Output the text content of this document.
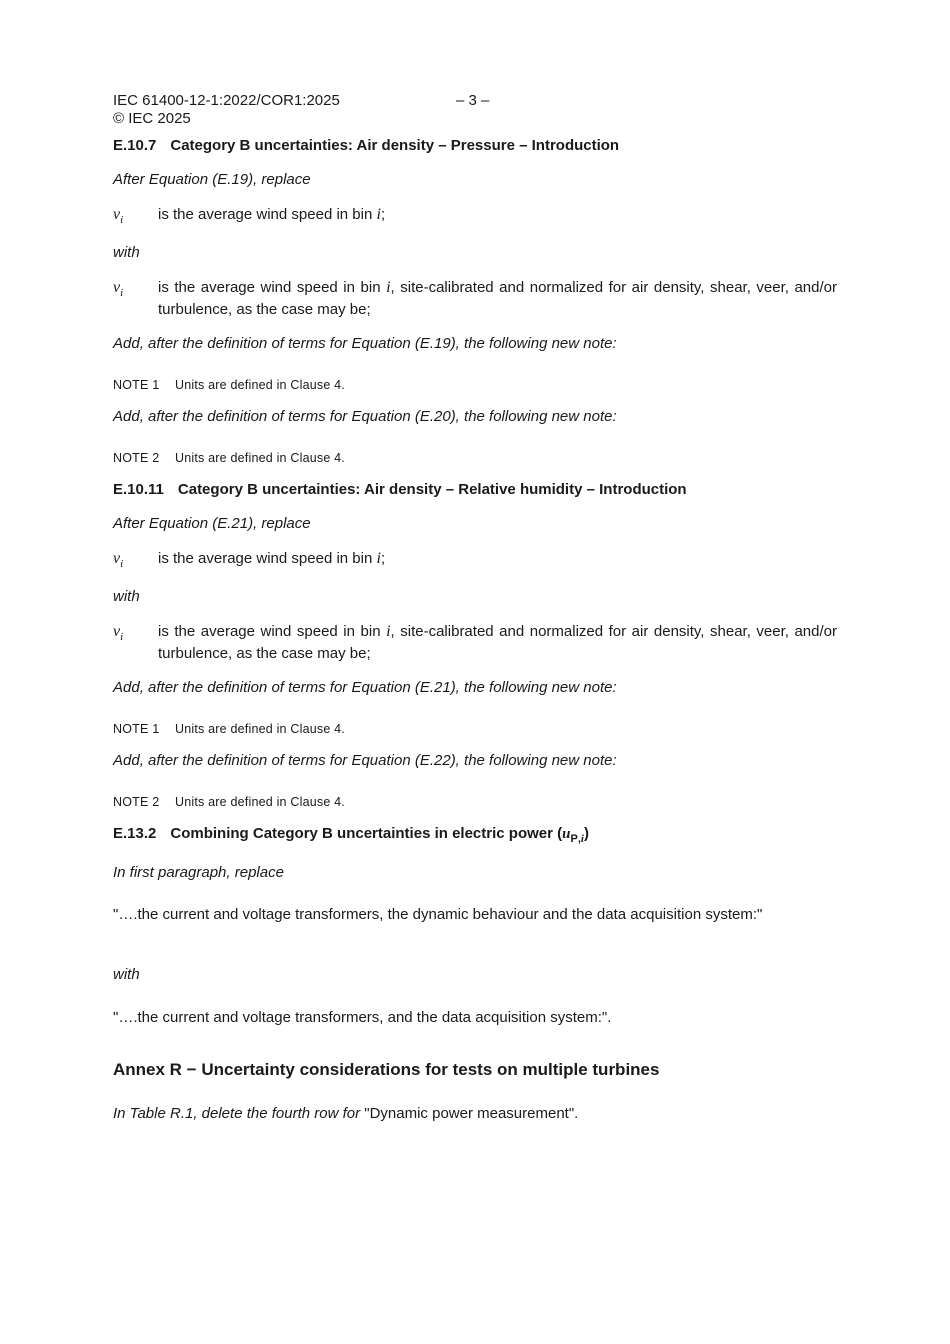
IEC 61400-12-1:2022/COR1:2025	– 3 –
© IEC 2025
E.10.7 Category B uncertainties: Air density – Pressure – Introduction
After Equation (E.19), replace
$v_i$	is the average wind speed in bin i;
with
$v_i$	is the average wind speed in bin i, site-calibrated and normalized for air density, shear, veer, and/or turbulence, as the case may be;
Add, after the definition of terms for Equation (E.19), the following new note:
NOTE 1 Units are defined in Clause 4.
Add, after the definition of terms for Equation (E.20), the following new note:
NOTE 2 Units are defined in Clause 4.
E.10.11 Category B uncertainties: Air density – Relative humidity – Introduction
After Equation (E.21), replace
$v_i$	is the average wind speed in bin i;
with
$v_i$	is the average wind speed in bin i, site-calibrated and normalized for air density, shear, veer, and/or turbulence, as the case may be;
Add, after the definition of terms for Equation (E.21), the following new note:
NOTE 1 Units are defined in Clause 4.
Add, after the definition of terms for Equation (E.22), the following new note:
NOTE 2 Units are defined in Clause 4.
E.13.2 Combining Category B uncertainties in electric power $(u_{P,i})$
In first paragraph, replace
"….the current and voltage transformers, the dynamic behaviour and the data acquisition system:"
with
"….the current and voltage transformers, and the data acquisition system:".
Annex R − Uncertainty considerations for tests on multiple turbines
In Table R.1, delete the fourth row for "Dynamic power measurement".
